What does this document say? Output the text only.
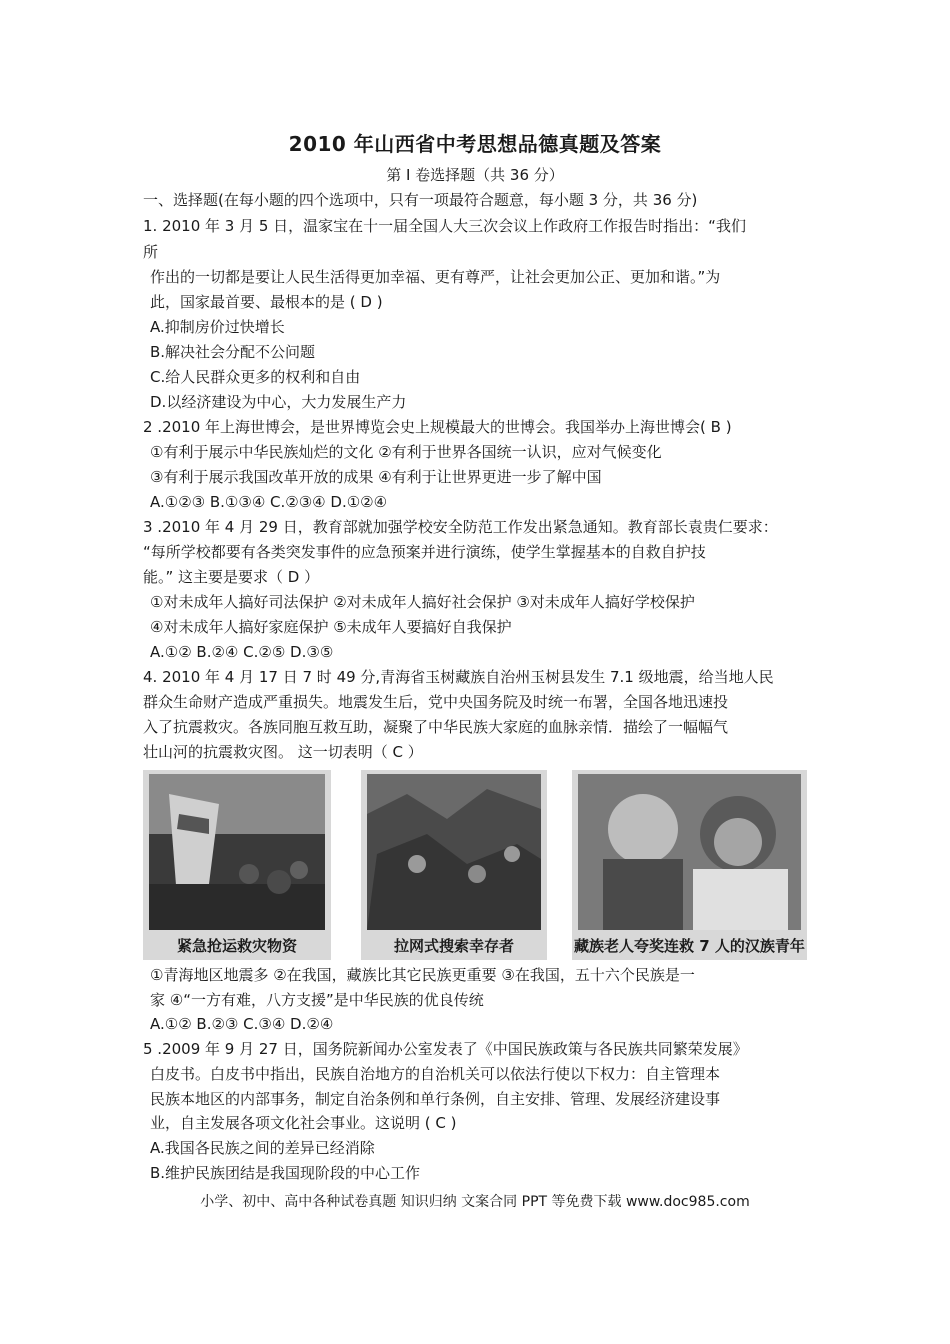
2010 年山西省中考思想品德真题及答案
第 I 卷选择题（共 36 分）
一、选择题(在每小题的四个选项中，只有一项最符合题意，每小题 3 分，共 36 分)
1. 2010 年 3 月 5 日，温家宝在十一届全国人大三次会议上作政府工作报告时指出：“我们
所
作出的一切都是要让人民生活得更加幸福、更有尊严，让社会更加公正、更加和谐。”为
此，国家最首要、最根本的是 ( D )
A.抑制房价过快增长
B.解决社会分配不公问题
C.给人民群众更多的权利和自由
D.以经济建设为中心，大力发展生产力
2 .2010 年上海世博会，是世界博览会史上规模最大的世博会。我国举办上海世博会( B )
①有利于展示中华民族灿烂的文化 ②有利于世界各国统一认识，应对气候变化
③有利于展示我国改革开放的成果 ④有利于让世界更进一步了解中国
A.①②③ B.①③④ C.②③④ D.①②④
3 .2010 年 4 月 29 日，教育部就加强学校安全防范工作发出紧急通知。教育部长袁贵仁要求：
“每所学校都要有各类突发事件的应急预案并进行演练，使学生掌握基本的自救自护技
能。” 这主要是要求（ D ）
①对未成年人搞好司法保护 ②对未成年人搞好社会保护 ③对未成年人搞好学校保护
④对未成年人搞好家庭保护 ⑤未成年人要搞好自我保护
A.①② B.②④ C.②⑤ D.③⑤
4. 2010 年 4 月 17 日 7 时 49 分,青海省玉树藏族自治州玉树县发生 7.1 级地震，给当地人民
群众生命财产造成严重损失。地震发生后，党中央国务院及时统一布署，全国各地迅速投
入了抗震救灾。各族同胞互救互助，凝聚了中华民族大家庭的血脉亲情．描绘了一幅幅气
壮山河的抗震救灾图。 这一切表明（ C ）
紧急抢运救灾物资	拉网式搜索幸存者	藏族老人夸奖连救 7 人的汉族青年
①青海地区地震多 ②在我国，藏族比其它民族更重要 ③在我国，五十六个民族是一
家 ④“一方有难，八方支援”是中华民族的优良传统
A.①② B.②③ C.③④ D.②④
5 .2009 年 9 月 27 日，国务院新闻办公室发表了《中国民族政策与各民族共同繁荣发展》
白皮书。白皮书中指出，民族自治地方的自治机关可以依法行使以下权力：自主管理本
民族本地区的内部事务，制定自治条例和单行条例，自主安排、管理、发展经济建设事
业，自主发展各项文化社会事业。这说明 ( C )
A.我国各民族之间的差异已经消除
B.维护民族团结是我国现阶段的中心工作
小学、初中、高中各种试卷真题 知识归纳 文案合同 PPT 等免费下载 www.doc985.com
